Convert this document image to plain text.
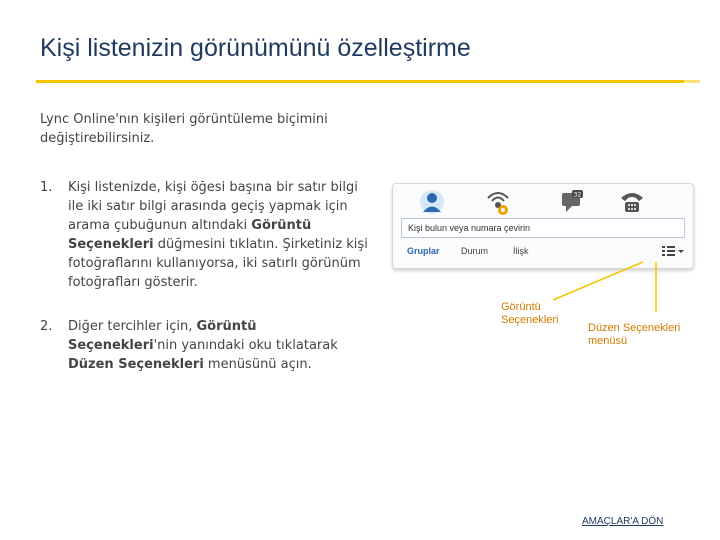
Kişi listenizin görünümünü özelleştirme

Lync Online'nın kişileri görüntüleme biçimini değiştirebilirsiniz.

1. Kişi listenizde, kişi öğesi başına bir satır bilgi ile iki satır bilgi arasında geçiş yapmak için arama çubuğunun altındaki Görüntü Seçenekleri düğmesini tıklatın. Şirketiniz kişi fotoğraflarını kullanıyorsa, iki satırlı görünüm fotoğrafları gösterir.
2. Diğer tercihler için, Görüntü Seçenekleri'nin yanındaki oku tıklatarak Düzen Seçenekleri menüsünü açın.
32
Kişi bulun veya numara çevirin
Gruplar Durum	İlişk
Görüntü
Seçenekleri
Düzen Seçenekleri
menüsü
AMAÇLAR'A DÖN
